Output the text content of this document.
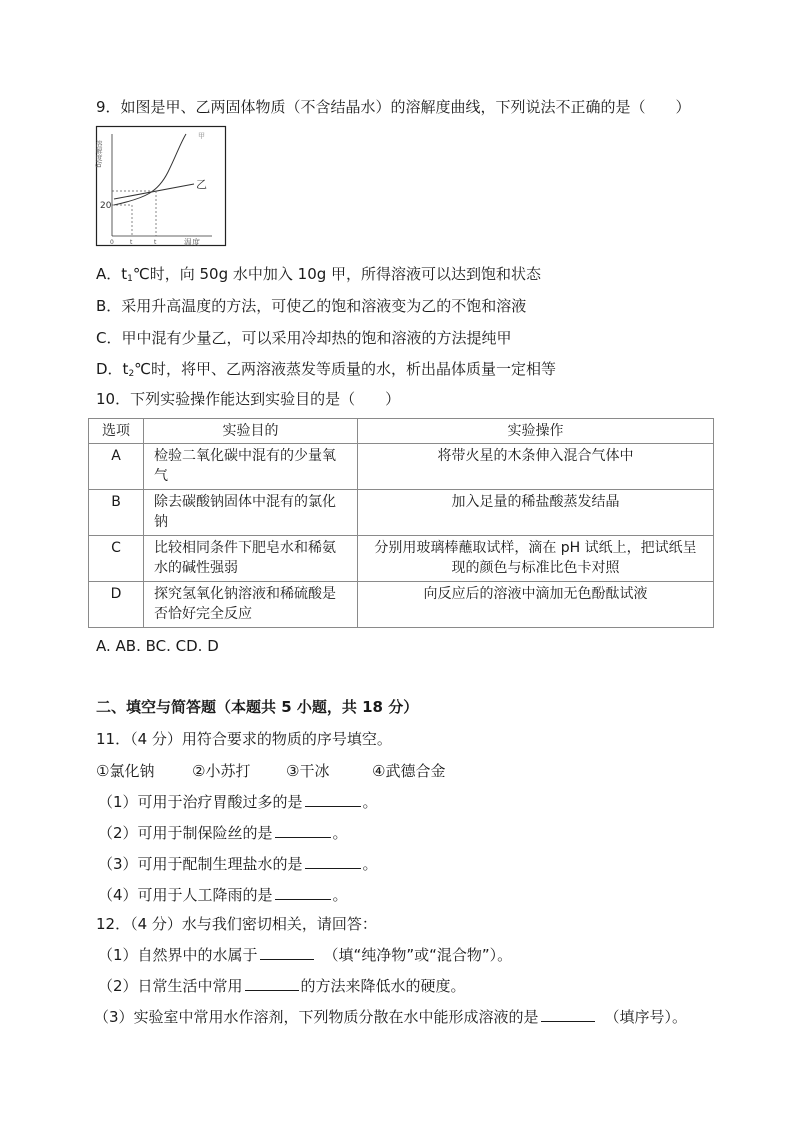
9．如图是甲、乙两固体物质（不含结晶水）的溶解度曲线，下列说法不正确的是（　　）
溶解度/g
20
乙
甲
0	t	t	温度
A．$t_1℃$时，向 50g 水中加入 10g 甲，所得溶液可以达到饱和状态
B．采用升高温度的方法，可使乙的饱和溶液变为乙的不饱和溶液
C．甲中混有少量乙，可以采用冷却热的饱和溶液的方法提纯甲
D．$t_2℃$时，将甲、乙两溶液蒸发等质量的水，析出晶体质量一定相等
10．下列实验操作能达到实验目的是（　　）
选项	实验目的	实验操作
A	检验二氧化碳中混有的少量氧气	将带火星的木条伸入混合气体中
B	除去碳酸钠固体中混有的氯化钠	加入足量的稀盐酸蒸发结晶
C	比较相同条件下肥皂水和稀氨水的碱性强弱	分别用玻璃棒蘸取试样，滴在 pH 试纸上，把试纸呈现的颜色与标准比色卡对照
D	探究氢氧化钠溶液和稀硫酸是否恰好完全反应	向反应后的溶液中滴加无色酚酞试液
A. AB. BC. CD. D
二、填空与简答题（本题共 5 小题，共 18 分）
11．（4 分）用符合要求的物质的序号填空。
①氯化钠	②小苏打 ③干冰	④武德合金
（1）可用于治疗胃酸过多的是	。
（2）可用于制保险丝的是	。
（3）可用于配制生理盐水的是	。
（4）可用于人工降雨的是	。
12．（4 分）水与我们密切相关，请回答：
（1）自然界中的水属于	（填“纯净物”或“混合物”）。
（2）日常生活中常用	的方法来降低水的硬度。
（3）实验室中常用水作溶剂，下列物质分散在水中能形成溶液的是	（填序号）。
